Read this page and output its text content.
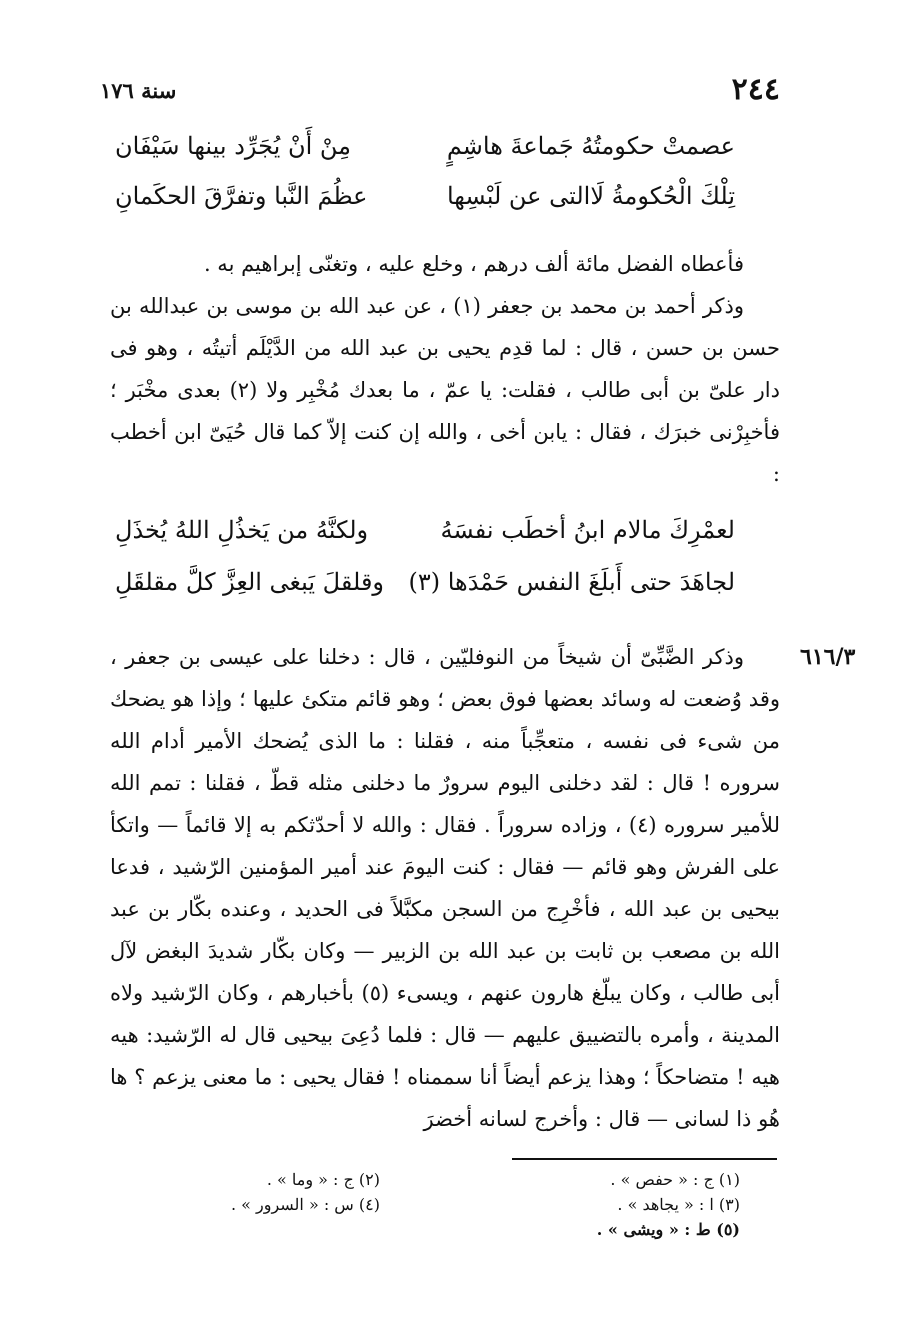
٢٤٤
سنة ١٧٦
عصمتْ حكومتُهُ جَماعةَ هاشِمٍ
مِنْ أَنْ يُجَرِّد بينها سَيْفَان
تِلْكَ الْحُكومةُ لَاالتى عن لَبْسِها
عظُمَ النَّبا وتفرَّقَ الحكَمانِ

فأعطاه الفضل مائة ألف درهم ، وخلع عليه ، وتغنّى إبراهيم به .

وذكر أحمد بن محمد بن جعفر (١) ، عن عبد الله بن موسى بن عبدالله بن حسن بن حسن ، قال : لما قدِم يحيى بن عبد الله من الدَّيْلَم أتيتُه ، وهو فى دار علىّ بن أبى طالب ، فقلت: يا عمّ ، ما بعدك مُخْبِر ولا (٢) بعدى مخْبَر ؛ فأخبِرْنى خبرَك ، فقال : يابن أخى ، والله إن كنت إلاّ كما قال حُيَىّ ابن أخطب :

لعمْرِكَ مالام ابنُ أخطَب نفسَهُ
ولكنَّهُ من يَخذُلِ اللهُ يُخذَلِ
لجاهَدَ حتى أَبلَغَ النفس حَمْدَها (٣)
وقلقلَ يَبغى العِزَّ كلَّ مقلقَلِ
٦١٦/٣

وذكر الضَّبِّىّ أن شيخاً من النوفليّين ، قال : دخلنا على عيسى بن جعفر ، وقد وُضعت له وسائد بعضها فوق بعض ؛ وهو قائم متكئ عليها ؛ وإذا هو يضحك من شىء فى نفسه ، متعجِّباً منه ، فقلنا : ما الذى يُضحك الأمير أدام الله سروره ! قال : لقد دخلنى اليوم سرورٌ ما دخلنى مثله قطّ ، فقلنا : تمم الله للأمير سروره (٤) ، وزاده سروراً . فقال : والله لا أحدّثكم به إلا قائماً — واتكأ على الفرش وهو قائم — فقال : كنت اليومَ عند أمير المؤمنين الرّشيد ، فدعا بيحيى بن عبد الله ، فأخْرِج من السجن مكبَّلاً فى الحديد ، وعنده بكّار بن عبد الله بن مصعب بن ثابت بن عبد الله بن الزبير — وكان بكّار شديدَ البغض لآل أبى طالب ، وكان يبلّغ هارون عنهم ، ويسىء (٥) بأخبارهم ، وكان الرّشيد ولاه المدينة ، وأمره بالتضييق عليهم — قال : فلما دُعِىَ بيحيى قال له الرّشيد: هيه هيه ! متضاحكاً ؛ وهذا يزعم أيضاً أنا سممناه ! فقال يحيى : ما معنى يزعم ؟ ها هُو ذا لسانى — قال : وأخرج لسانه أخضرَ

(١) ج : « حفص » .
(٢) ج : « وما » .
(٣) ا : « يجاهد » .
(٤) س : « السرور » .
(٥) ط : « ويشى » .
